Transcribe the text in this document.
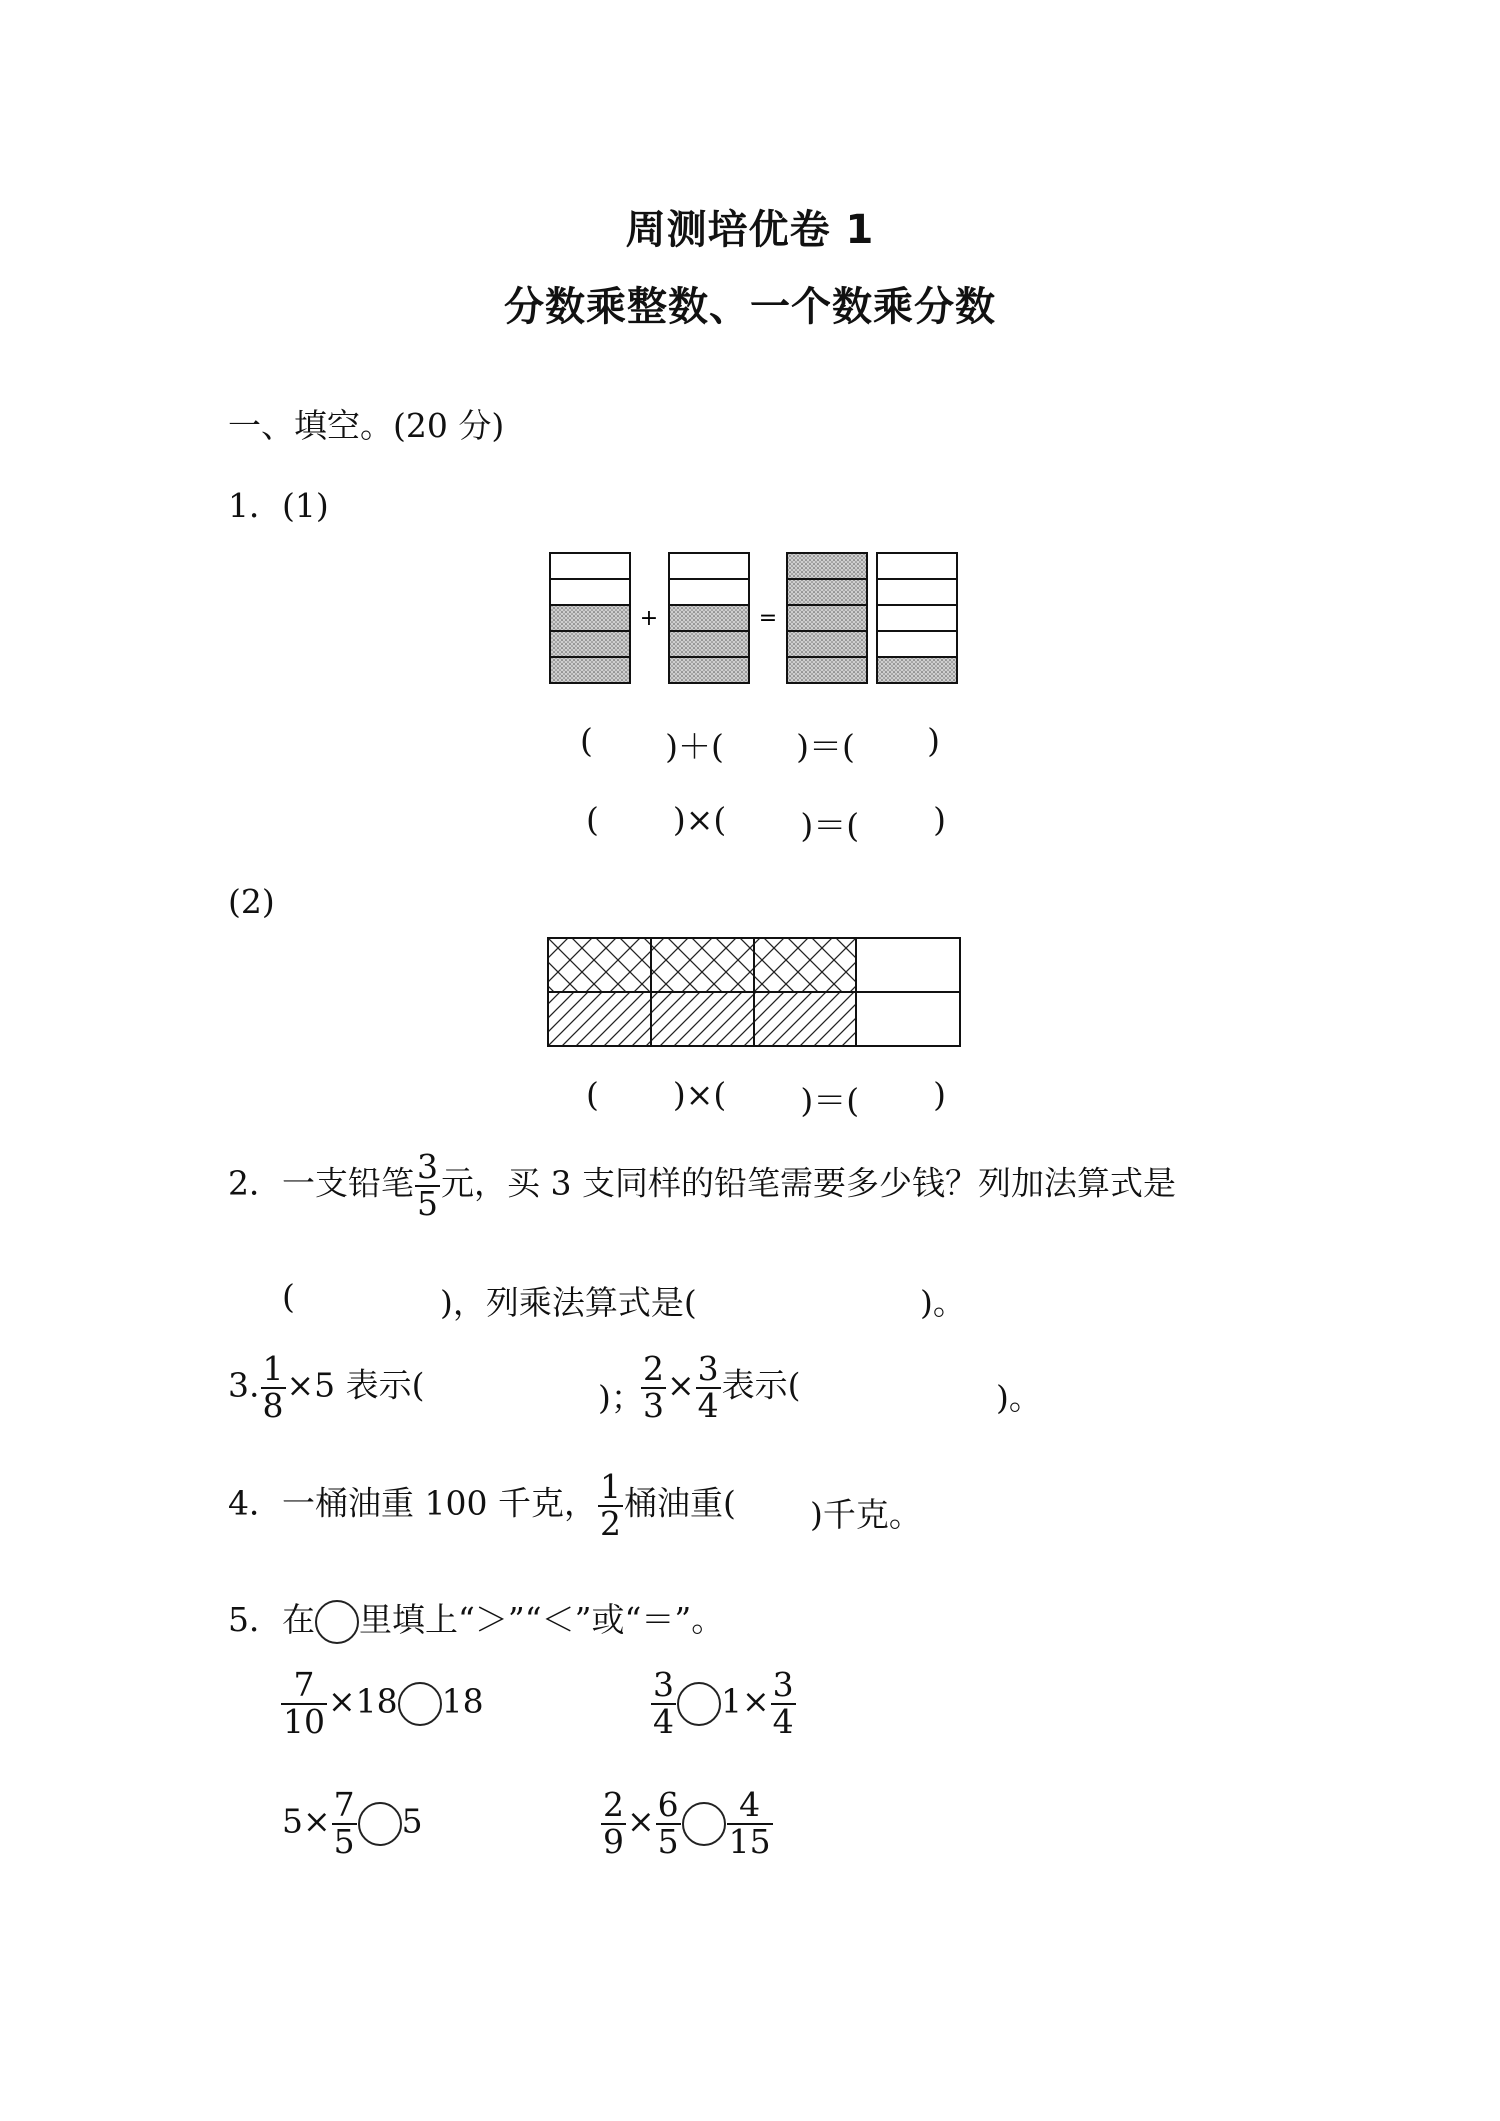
周测培优卷 1
分数乘整数、一个数乘分数
一、填空。(20 分)
1．(1)
+	=
( )＋( )＝( )
( )×( )＝( )
(2)
( )×( )＝( )
2．一支铅笔 $\frac{3}{5}$ 元，买 3 支同样的铅笔需要多少钱？列加法算式是
(	)，列乘法算式是(	)。
3. $\frac{1}{8} \times 5$ 表示(	)；
$\frac{2}{3} \times \frac{3}{4}$ 表示(	)。
4．一桶油重 100 千克， $\frac{1}{2}$ 桶油重( )千克。
5．在 里填上“＞”“＜”或“＝”。
$\frac{7}{10} \times 18$ 18	$\frac{3}{4} 1\times \frac{3}{4}$
$5\times \frac{7}{5} 5$	$\frac{2}{9} \times \frac{6}{5} \frac{4}{15}$
